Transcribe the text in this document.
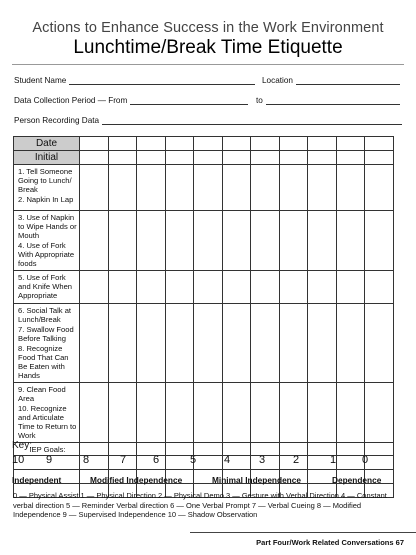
Actions to Enhance Success in the Work Environment
Lunchtime/Break Time Etiquette
Student Name	Location
Data Collection Period — From	to
Person Recording Data
Date											
Initial											

1. Tell Someone Going to Lunch/ Break
2. Napkin In Lap											

3. Use of Napkin to Wipe Hands or Mouth
4. Use of Fork With Appropriate foods											

5. Use of Fork and Knife When Appropriate											

6. Social Talk at Lunch/Break
7. Swallow Food Before Talking
8. Recognize Food That Can Be Eaten with Hands											

9. Clean Food Area
10. Recognize and Articulate Time to Return to Work											

IEP Goals:											

Key:
10 9	8	7 6	5	4	3	2	1 0
Independent	Modified Independence	Minimal Independence	Dependence
0 — Physical Assist 1 — Physical Direction 2 — Physical Demo 3 — Gesture with Verbal Direction 4 — Constant verbal direction 5 — Reminder Verbal direction 6 — One Verbal Prompt 7 — Verbal Cueing 8 — Modified Independence 9 — Supervised Independence 10 — Shadow Observation
Part Four/Work Related Conversations 67
